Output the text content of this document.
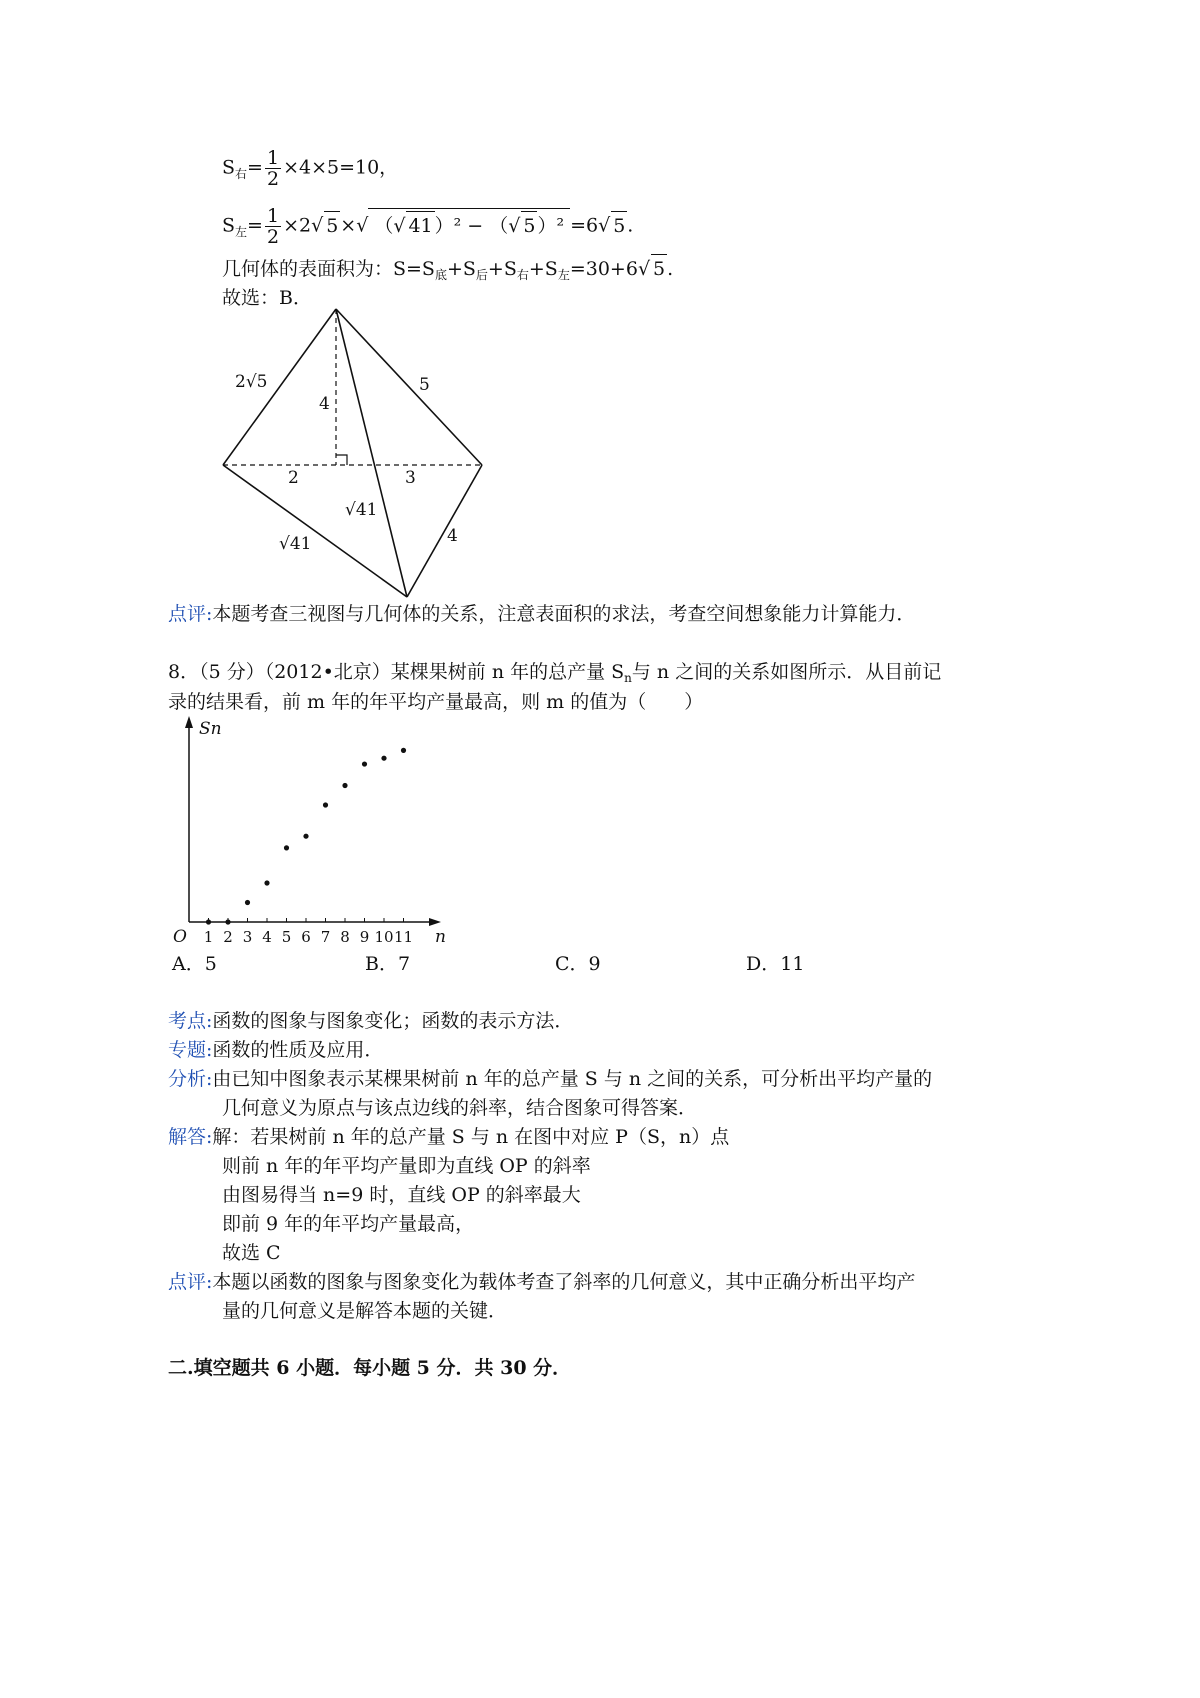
$S_右= \frac{1}{2} \times 4\times 5=10$，
$S_左= \frac{1}{2} \times 2√$ 5 ×√ （√ 41 ）² − （√ 5 ）² =6√ 5 .
几何体的表面积为：$S=S_底+S_后+S_右+S_左=30+6√$ 5 .
故选：B．
2√5
4
5
2	3
√41
√41	4
点评:本题考查三视图与几何体的关系，注意表面积的求法，考查空间想象能力计算能力．
8．（5 分）（2012•北京）某棵果树前 n 年的总产量 $S_n$与 n 之间的关系如图所示．从目前记
录的结果看，前 m 年的年平均产量最高，则 m 的值为（　　）
Sn
n
O 1 2 3 4 5 6 7 8 9 10 11
A．5	B．7	C．9	D．11
考点:函数的图象与图象变化；函数的表示方法．
专题:函数的性质及应用．
分析:由已知中图象表示某棵果树前 n 年的总产量 S 与 n 之间的关系，可分析出平均产量的
几何意义为原点与该点边线的斜率，结合图象可得答案．
解答:解：若果树前 n 年的总产量 S 与 n 在图中对应 P（S，n）点
则前 n 年的年平均产量即为直线 OP 的斜率
由图易得当 n=9 时，直线 OP 的斜率最大
即前 9 年的年平均产量最高，
故选 C
点评:本题以函数的图象与图象变化为载体考查了斜率的几何意义，其中正确分析出平均产
量的几何意义是解答本题的关键．
二.填空题共 6 小题．每小题 5 分．共 30 分．
